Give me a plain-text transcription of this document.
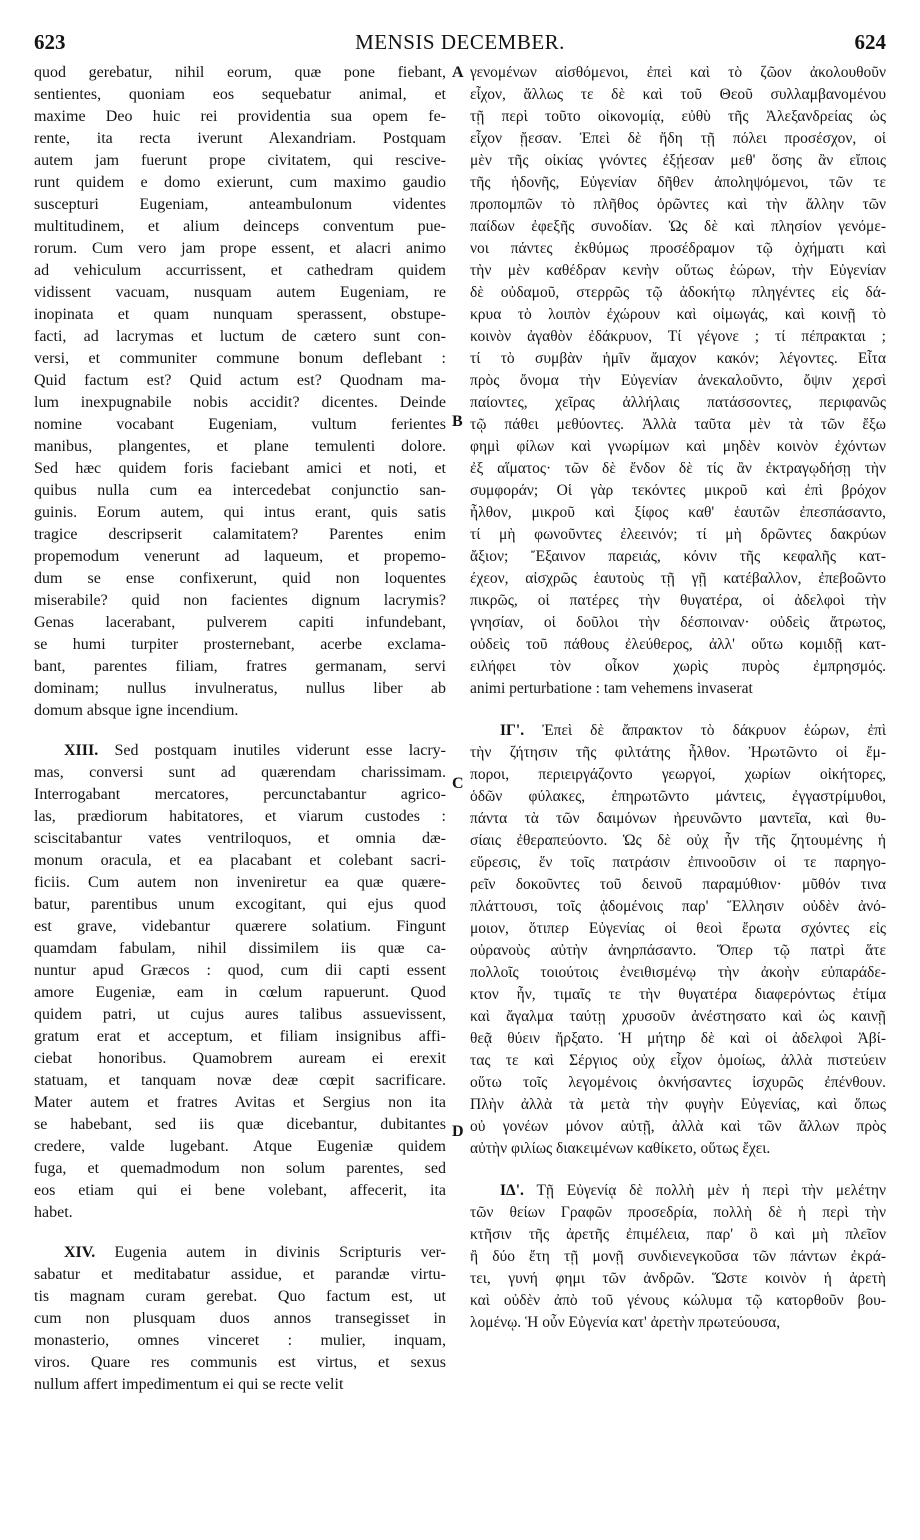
623	MENSIS DECEMBER.	624

quod gerebatur, nihil eorum, quæ pone fiebant,
sentientes, quoniam eos sequebatur animal, et
maxime Deo huic rei providentia sua opem fe-
rente, ita recta iverunt Alexandriam. Postquam
autem jam fuerunt prope civitatem, qui rescive-
runt quidem e domo exierunt, cum maximo gaudio
suscepturi Eugeniam, anteambulonum videntes
multitudinem, et alium deinceps conventum pue-
rorum. Cum vero jam prope essent, et alacri animo
ad vehiculum accurrissent, et cathedram quidem
vidissent vacuam, nusquam autem Eugeniam, re
inopinata et quam nunquam sperassent, obstupe-
facti, ad lacrymas et luctum de cætero sunt con-
versi, et communiter commune bonum deflebant :
Quid factum est? Quid actum est? Quodnam ma-
lum inexpugnabile nobis accidit? dicentes. Deinde
nomine vocabant Eugeniam, vultum ferientes
manibus, plangentes, et plane temulenti dolore.
Sed hæc quidem foris faciebant amici et noti, et
quibus nulla cum ea intercedebat conjunctio san-
guinis. Eorum autem, qui intus erant, quis satis
tragice descripserit calamitatem? Parentes enim
propemodum venerunt ad laqueum, et propemo-
dum se ense confixerunt, quid non loquentes
miserabile? quid non facientes dignum lacrymis?
Genas lacerabant, pulverem capiti infundebant,
se humi turpiter prosternebant, acerbe exclama-
bant, parentes filiam, fratres germanam, servi
dominam; nullus invulneratus, nullus liber ab
domum absque igne incendium.

XIII. Sed postquam inutiles viderunt esse lacry-
mas, conversi sunt ad quærendam charissimam.
Interrogabant mercatores, percunctabantur agrico-
las, prædiorum habitatores, et viarum custodes :
sciscitabantur vates ventriloquos, et omnia dæ-
monum oracula, et ea placabant et colebant sacri-
ficiis. Cum autem non inveniretur ea quæ quære-
batur, parentibus unum excogitant, qui ejus quod
est grave, videbantur quærere solatium. Fingunt
quamdam fabulam, nihil dissimilem iis quæ ca-
nuntur apud Græcos : quod, cum dii capti essent
amore Eugeniæ, eam in cœlum rapuerunt. Quod
quidem patri, ut cujus aures talibus assuevissent,
gratum erat et acceptum, et filiam insignibus affi-
ciebat honoribus. Quamobrem auream ei erexit
statuam, et tanquam novæ deæ cœpit sacrificare.
Mater autem et fratres Avitas et Sergius non ita
se habebant, sed iis quæ dicebantur, dubitantes
credere, valde lugebant. Atque Eugeniæ quidem
fuga, et quemadmodum non solum parentes, sed
eos etiam qui ei bene volebant, affecerit, ita
habet.

XIV. Eugenia autem in divinis Scripturis ver-
sabatur et meditabatur assidue, et parandæ virtu-
tis magnam curam gerebat. Quo factum est, ut
cum non plusquam duos annos transegisset in
monasterio, omnes vinceret : mulier, inquam,
viros. Quare res communis est virtus, et sexus
nullum affert impedimentum ei qui se recte velit

γενομένων αἰσθόμενοι, ἐπεὶ καὶ τὸ ζῶον ἀκολουθοῦν
εἶχον, ἄλλως τε δὲ καὶ τοῦ Θεοῦ συλλαμβανομένου
τῇ περὶ τοῦτο οἰκονομίᾳ, εὐθὺ τῆς Ἀλεξανδρείας ὡς
εἶχον ᾔεσαν. Ἐπεὶ δὲ ἤδη τῇ πόλει προσέσχον, οἱ
μὲν τῆς οἰκίας γνόντες ἐξῄεσαν μεθ' ὅσης ἂν εἴποις
τῆς ἡδονῆς, Εὐγενίαν δῆθεν ἀποληψόμενοι, τῶν τε
προπομπῶν τὸ πλῆθος ὁρῶντες καὶ τὴν ἄλλην τῶν
παίδων ἐφεξῆς συνοδίαν. Ὡς δὲ καὶ πλησίον γενόμε-
νοι πάντες ἐκθύμως προσέδραμον τῷ ὀχήματι καὶ
τὴν μὲν καθέδραν κενὴν οὕτως ἑώρων, τὴν Εὐγενίαν
δὲ οὐδαμοῦ, στερρῶς τῷ ἀδοκήτῳ πληγέντες εἰς δά-
κρυα τὸ λοιπὸν ἐχώρουν καὶ οἰμωγάς, καὶ κοινῇ τὸ
κοινὸν ἀγαθὸν ἐδάκρυον, Τί γέγονε ; τί πέπρακται ;
τί τὸ συμβὰν ἡμῖν ἄμαχον κακόν; λέγοντες. Εἶτα
πρὸς ὄνομα τὴν Εὐγενίαν ἀνεκαλοῦντο, ὄψιν χερσὶ
παίοντες, χεῖρας ἀλλήλαις πατάσσοντες, περιφανῶς
τῷ πάθει μεθύοντες. Ἀλλὰ ταῦτα μὲν τὰ τῶν ἔξω
φημὶ φίλων καὶ γνωρίμων καὶ μηδὲν κοινὸν ἐχόντων
ἐξ αἵματος· τῶν δὲ ἔνδον δὲ τίς ἂν ἐκτραγῳδήσῃ τὴν
συμφοράν; Οἱ γὰρ τεκόντες μικροῦ καὶ ἐπὶ βρόχον
ἦλθον, μικροῦ καὶ ξίφος καθ' ἑαυτῶν ἐπεσπάσαντο,
τί μὴ φωνοῦντες ἐλεεινόν; τί μὴ δρῶντες δακρύων
ἄξιον; Ἔξαινον παρειάς, κόνιν τῆς κεφαλῆς κατ-
έχεον, αἰσχρῶς ἑαυτοὺς τῇ γῇ κατέβαλλον, ἐπεβοῶντο
πικρῶς, οἱ πατέρες τὴν θυγατέρα, οἱ ἀδελφοὶ τὴν
γνησίαν, οἱ δοῦλοι τὴν δέσποιναν· οὐδεὶς ἄτρωτος,
οὐδεὶς τοῦ πάθους ἐλεύθερος, ἀλλ' οὕτω κομιδῇ κατ-
ειλήφει τὸν οἶκον χωρὶς πυρὸς ἐμπρησμός.
animi perturbatione : tam vehemens invaserat

ΙΓ'. Ἐπεὶ δὲ ἄπρακτον τὸ δάκρυον ἑώρων, ἐπὶ
τὴν ζήτησιν τῆς φιλτάτης ἦλθον. Ἠρωτῶντο οἱ ἔμ-
ποροι, περιειργάζοντο γεωργοί, χωρίων οἰκήτορες,
ὁδῶν φύλακες, ἐπηρωτῶντο μάντεις, ἐγγαστρίμυθοι,
πάντα τὰ τῶν δαιμόνων ἠρευνῶντο μαντεῖα, καὶ θυ-
σίαις ἐθεραπεύοντο. Ὡς δὲ οὐχ ἦν τῆς ζητουμένης ἡ
εὕρεσις, ἕν τοῖς πατράσιν ἐπινοοῦσιν οἱ τε παρηγο-
ρεῖν δοκοῦντες τοῦ δεινοῦ παραμύθιον· μῦθόν τινα
πλάττουσι, τοῖς ᾀδομένοις παρ' Ἕλλησιν οὐδὲν ἀνό-
μοιον, ὅτιπερ Εὐγενίας οἱ θεοὶ ἔρωτα σχόντες εἰς
οὐρανοὺς αὐτὴν ἀνηρπάσαντο. Ὅπερ τῷ πατρὶ ἅτε
πολλοῖς τοιούτοις ἐνειθισμένῳ τὴν ἀκοὴν εὐπαράδε-
κτον ἦν, τιμαῖς τε τὴν θυγατέρα διαφερόντως ἐτίμα
καὶ ἄγαλμα ταύτῃ χρυσοῦν ἀνέστησατο καὶ ὡς καινῇ
θεᾷ θύειν ἤρξατο. Ἡ μήτηρ δὲ καὶ οἱ ἀδελφοὶ Ἀβί-
τας τε καὶ Σέργιος οὐχ εἶχον ὁμοίως, ἀλλὰ πιστεύειν
οὕτω τοῖς λεγομένοις ὀκνήσαντες ἰσχυρῶς ἐπένθουν.
Πλὴν ἀλλὰ τὰ μετὰ τὴν φυγὴν Εὐγενίας, καὶ ὅπως
οὐ γονέων μόνον αὐτῇ, ἀλλὰ καὶ τῶν ἄλλων πρὸς
αὐτὴν φιλίως διακειμένων καθίκετο, οὕτως ἔχει.

ΙΔ'. Τῇ Εὐγενίᾳ δὲ πολλὴ μὲν ἡ περὶ τὴν μελέτην
τῶν θείων Γραφῶν προσεδρία, πολλὴ δὲ ἡ περὶ τὴν
κτῆσιν τῆς ἀρετῆς ἐπιμέλεια, παρ' ὃ καὶ μὴ πλεῖον
ἢ δύο ἔτη τῇ μονῇ συνδιενεγκοῦσα τῶν πάντων ἐκρά-
τει, γυνή φημι τῶν ἀνδρῶν. Ὥστε κοινὸν ἡ ἀρετὴ
καὶ οὐδὲν ἀπὸ τοῦ γένους κώλυμα τῷ κατορθοῦν βου-
λομένῳ. Ἡ οὖν Εὐγενία κατ' ἀρετὴν πρωτεύουσα,

A
B
C
D
